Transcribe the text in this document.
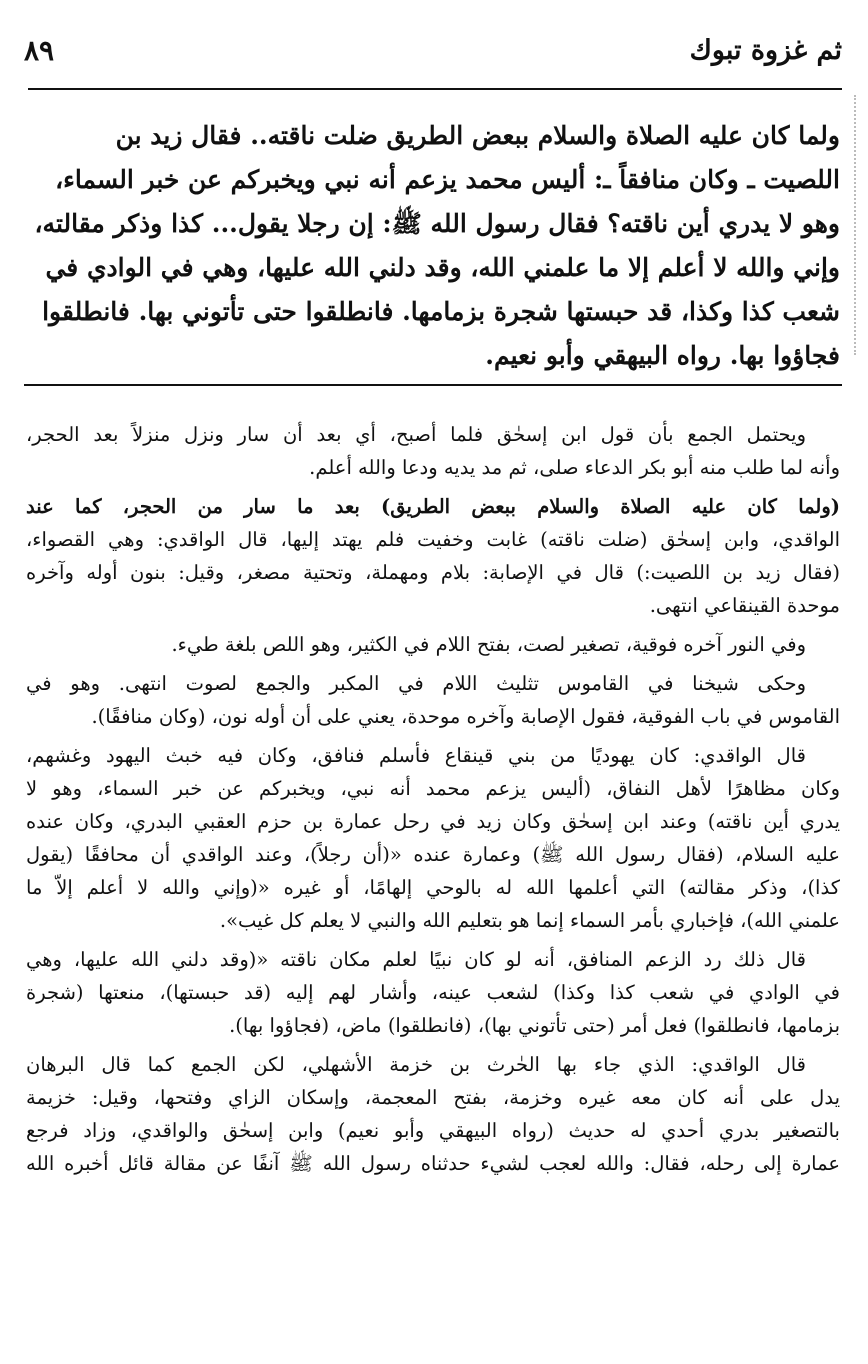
٨٩	ثم غزوة تبوك
ولما كان عليه الصلاة والسلام ببعض الطريق ضلت ناقته.. فقال زيد بن
اللصيت ـ وكان منافقاً ـ: أليس محمد يزعم أنه نبي ويخبركم عن خبر السماء،
وهو لا يدري أين ناقته؟ فقال رسول الله ﷺ: إن رجلا يقول... كذا وذكر مقالته،
وإني والله لا أعلم إلا ما علمني الله، وقد دلني الله عليها، وهي في الوادي في
شعب كذا وكذا، قد حبستها شجرة بزمامها. فانطلقوا حتى تأتوني بها. فانطلقوا
فجاؤوا بها. رواه البيهقي وأبو نعيم.
ويحتمل الجمع بأن قول ابن إسحٰق فلما أصبح، أي بعد أن سار ونزل منزلاً بعد الحجر،
وأنه لما طلب منه أبو بكر الدعاء صلى، ثم مد يديه ودعا والله أعلم.
(ولما كان عليه الصلاة والسلام ببعض الطريق) بعد ما سار من الحجر، كما عند
الواقدي، وابن إسحٰق (ضلت ناقته) غابت وخفيت فلم يهتد إليها، قال الواقدي: وهي القصواء،
(فقال زيد بن اللصيت:) قال في الإصابة: بلام ومهملة، وتحتية مصغر، وقيل: بنون أوله وآخره
موحدة القينقاعي انتهى.
وفي النور آخره فوقية، تصغير لصت، بفتح اللام في الكثير، وهو اللص بلغة طيء.
وحكى شيخنا في القاموس تثليث اللام في المكبر والجمع لصوت انتهى. وهو في
القاموس في باب الفوقية، فقول الإصابة وآخره موحدة، يعني على أن أوله نون، (وكان منافقًا).
قال الواقدي: كان يهوديًا من بني قينقاع فأسلم فنافق، وكان فيه خبث اليهود وغشهم،
وكان مظاهرًا لأهل النفاق، (أليس يزعم محمد أنه نبي، ويخبركم عن خبر السماء، وهو لا
يدري أين ناقته) وعند ابن إسحٰق وكان زيد في رحل عمارة بن حزم العقبي البدري، وكان عنده
عليه السلام، (فقال رسول الله ﷺ) وعمارة عنده «(أن رجلاً)، وعند الواقدي أن محافقًا (يقول
كذا)، وذكر مقالته) التي أعلمها الله له بالوحي إلهامًا، أو غيره «(وإني والله لا أعلم إلاّ ما
علمني الله)، فإخباري بأمر السماء إنما هو بتعليم الله والنبي لا يعلم كل غيب».
قال ذلك رد الزعم المنافق، أنه لو كان نبيًا لعلم مكان ناقته «(وقد دلني الله عليها، وهي
في الوادي في شعب كذا وكذا) لشعب عينه، وأشار لهم إليه (قد حبستها)، منعتها (شجرة
بزمامها، فانطلقوا) فعل أمر (حتى تأتوني بها)، (فانطلقوا) ماض، (فجاؤوا بها).
قال الواقدي: الذي جاء بها الحٰرث بن خزمة الأشهلي، لكن الجمع كما قال البرهان
يدل على أنه كان معه غيره وخزمة، بفتح المعجمة، وإسكان الزاي وفتحها، وقيل: خزيمة
بالتصغير بدري أحدي له حديث (رواه البيهقي وأبو نعيم) وابن إسحٰق والواقدي، وزاد فرجع
عمارة إلى رحله، فقال: والله لعجب لشيء حدثناه رسول الله ﷺ آنفًا عن مقالة قائل أخبره الله
